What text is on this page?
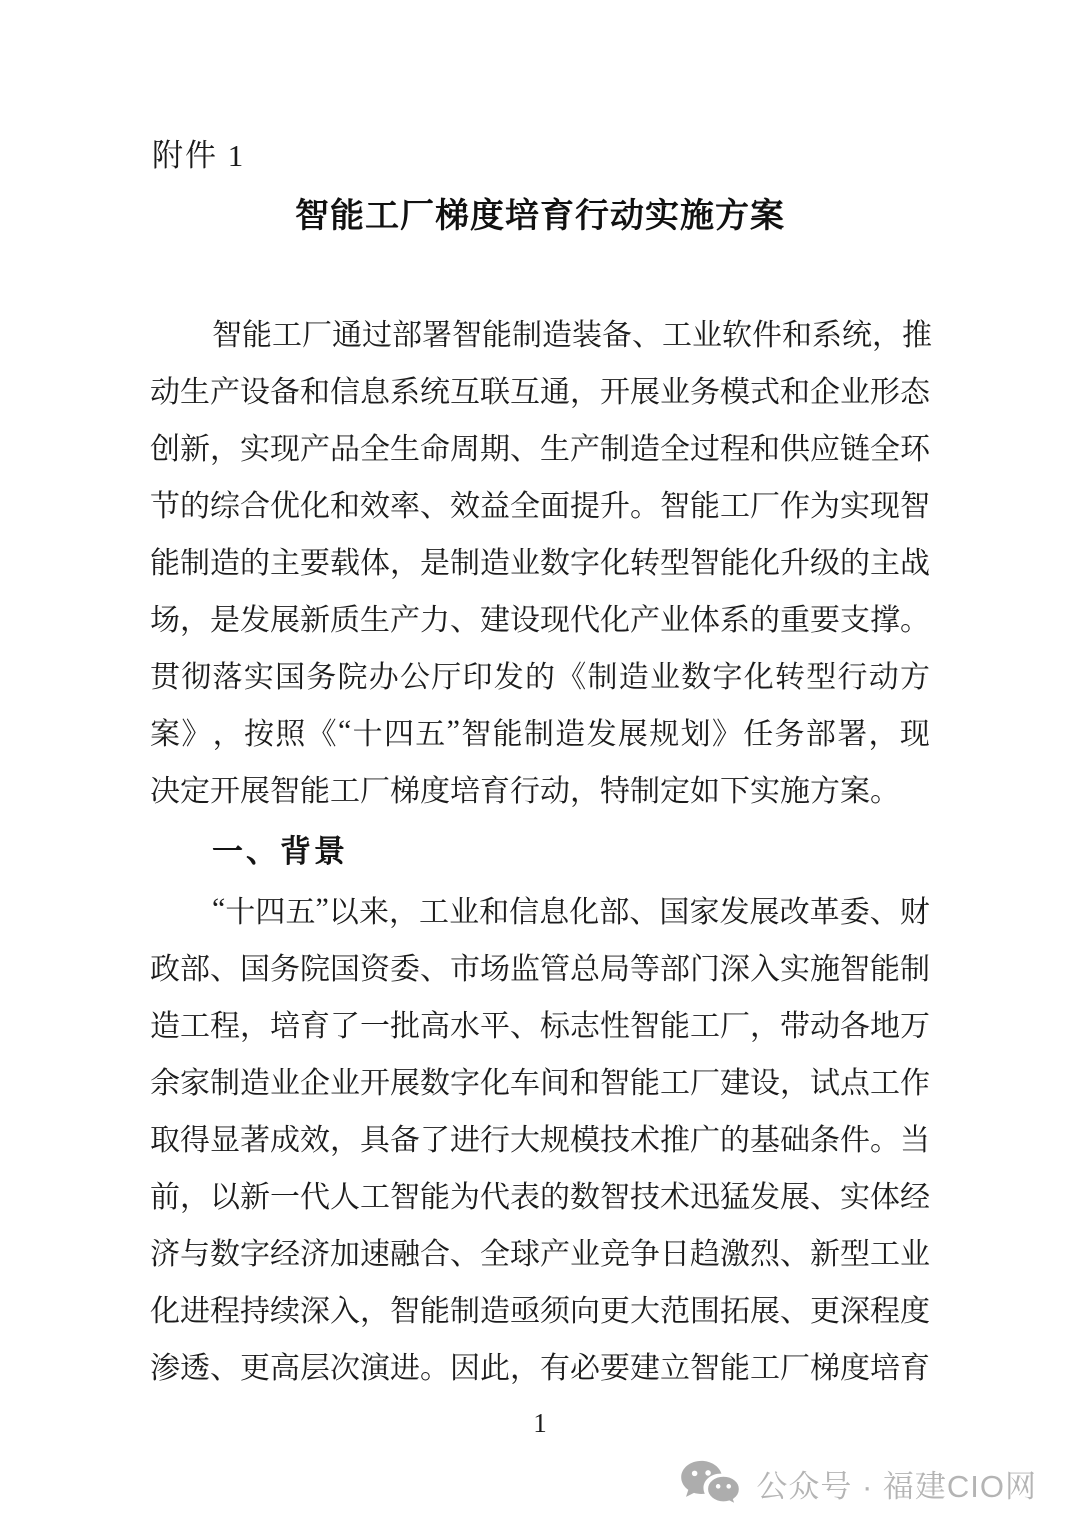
附件 1
智能工厂梯度培育行动实施方案
智 能 工 厂 通 过 部 署 智 能 制 造 装 备 、 工 业 软 件 和 系 统 ， 推
动 生 产 设 备 和 信 息 系 统 互 联 互 通 ， 开 展 业 务 模 式 和 企 业 形 态
创 新 ， 实 现 产 品 全 生 命 周 期 、 生 产 制 造 全 过 程 和 供 应 链 全 环
节 的 综 合 优 化 和 效 率 、 效 益 全 面 提 升 。 智 能 工 厂 作 为 实 现 智
能 制 造 的 主 要 载 体 ， 是 制 造 业 数 字 化 转 型 智 能 化 升 级 的 主 战
场 ， 是 发 展 新 质 生 产 力 、 建 设 现 代 化 产 业 体 系 的 重 要 支 撑 。
贯 彻 落 实 国 务 院 办 公 厅 印 发 的 《 制 造 业 数 字 化 转 型 行 动 方
案 》 ， 按 照 《 “ 十 四 五 ” 智 能 制 造 发 展 规 划 》 任 务 部 署 ， 现
决 定 开 展 智 能 工 厂 梯 度 培 育 行 动 ， 特 制 定 如 下 实 施 方 案 。
一、背景
“ 十 四 五 ” 以 来 ， 工 业 和 信 息 化 部 、 国 家 发 展 改 革 委 、 财
政 部 、 国 务 院 国 资 委 、 市 场 监 管 总 局 等 部 门 深 入 实 施 智 能 制
造 工 程 ， 培 育 了 一 批 高 水 平 、 标 志 性 智 能 工 厂 ， 带 动 各 地 万
余 家 制 造 业 企 业 开 展 数 字 化 车 间 和 智 能 工 厂 建 设 ， 试 点 工 作
取 得 显 著 成 效 ， 具 备 了 进 行 大 规 模 技 术 推 广 的 基 础 条 件 。 当
前 ， 以 新 一 代 人 工 智 能 为 代 表 的 数 智 技 术 迅 猛 发 展 、 实 体 经
济 与 数 字 经 济 加 速 融 合 、 全 球 产 业 竞 争 日 趋 激 烈 、 新 型 工 业
化 进 程 持 续 深 入 ， 智 能 制 造 亟 须 向 更 大 范 围 拓 展 、 更 深 程 度
渗 透 、 更 高 层 次 演 进 。 因 此 ， 有 必 要 建 立 智 能 工 厂 梯 度 培 育
1
公众号 · 福建CIO网
